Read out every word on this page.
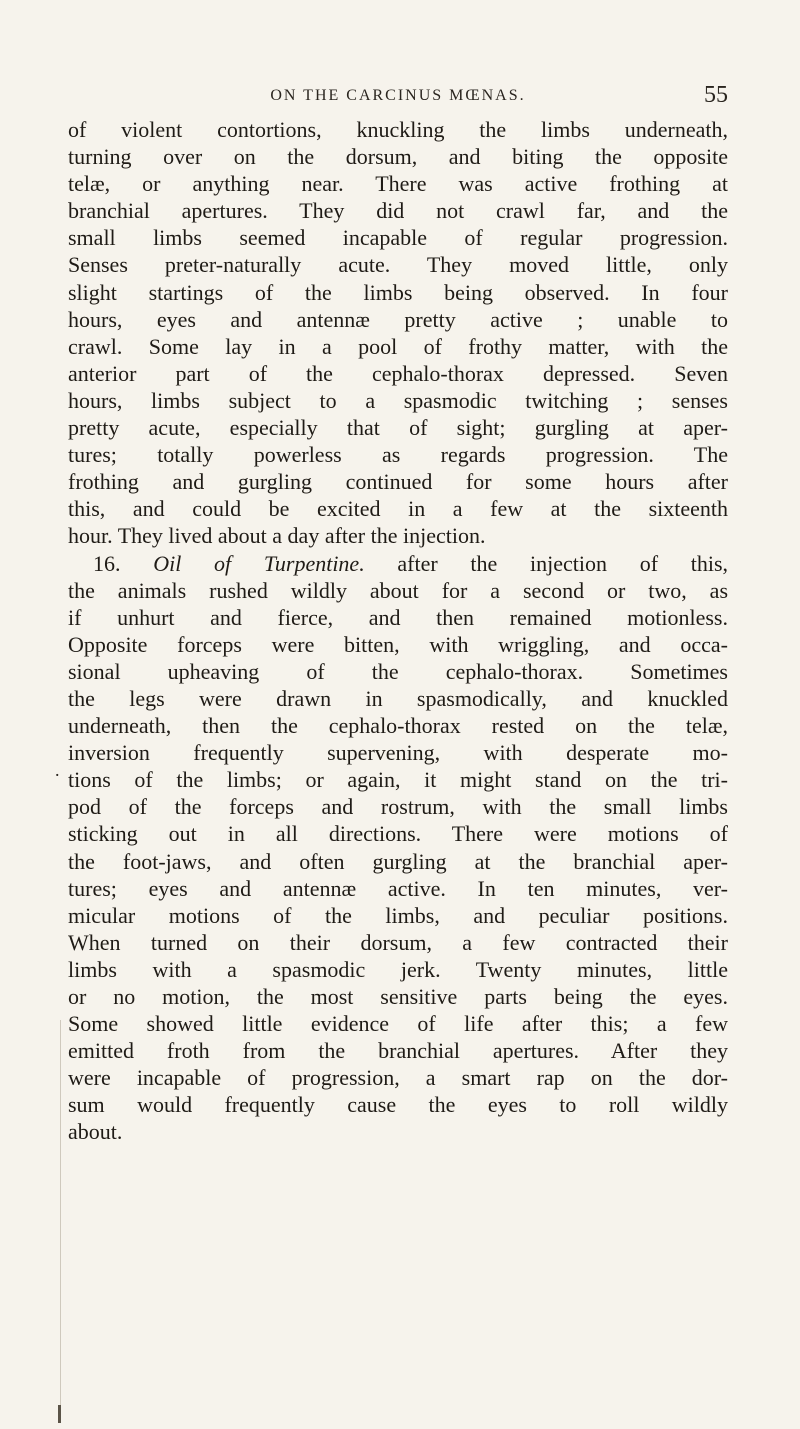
ON THE CARCINUS MŒNAS.	55
of violent contortions, knuckling the limbs underneath,
turning over on the dorsum, and biting the opposite
telæ, or anything near. There was active frothing at
branchial apertures. They did not crawl far, and the
small limbs seemed incapable of regular progression.
Senses preter-naturally acute. They moved little, only
slight startings of the limbs being observed. In four
hours, eyes and antennæ pretty active ; unable to
crawl. Some lay in a pool of frothy matter, with the
anterior part of the cephalo-thorax depressed. Seven
hours, limbs subject to a spasmodic twitching ; senses
pretty acute, especially that of sight; gurgling at aper-
tures; totally powerless as regards progression. The
frothing and gurgling continued for some hours after
this, and could be excited in a few at the sixteenth
hour. They lived about a day after the injection.
16. Oil of Turpentine. after the injection of this,
the animals rushed wildly about for a second or two, as
if unhurt and fierce, and then remained motionless.
Opposite forceps were bitten, with wriggling, and occa-
sional upheaving of the cephalo-thorax. Sometimes
the legs were drawn in spasmodically, and knuckled
underneath, then the cephalo-thorax rested on the telæ,
inversion frequently supervening, with desperate mo-
tions of the limbs; or again, it might stand on the tri-
pod of the forceps and rostrum, with the small limbs
sticking out in all directions. There were motions of
the foot-jaws, and often gurgling at the branchial aper-
tures; eyes and antennæ active. In ten minutes, ver-
micular motions of the limbs, and peculiar positions.
When turned on their dorsum, a few contracted their
limbs with a spasmodic jerk. Twenty minutes, little
or no motion, the most sensitive parts being the eyes.
Some showed little evidence of life after this; a few
emitted froth from the branchial apertures. After they
were incapable of progression, a smart rap on the dor-
sum would frequently cause the eyes to roll wildly
about.
.
